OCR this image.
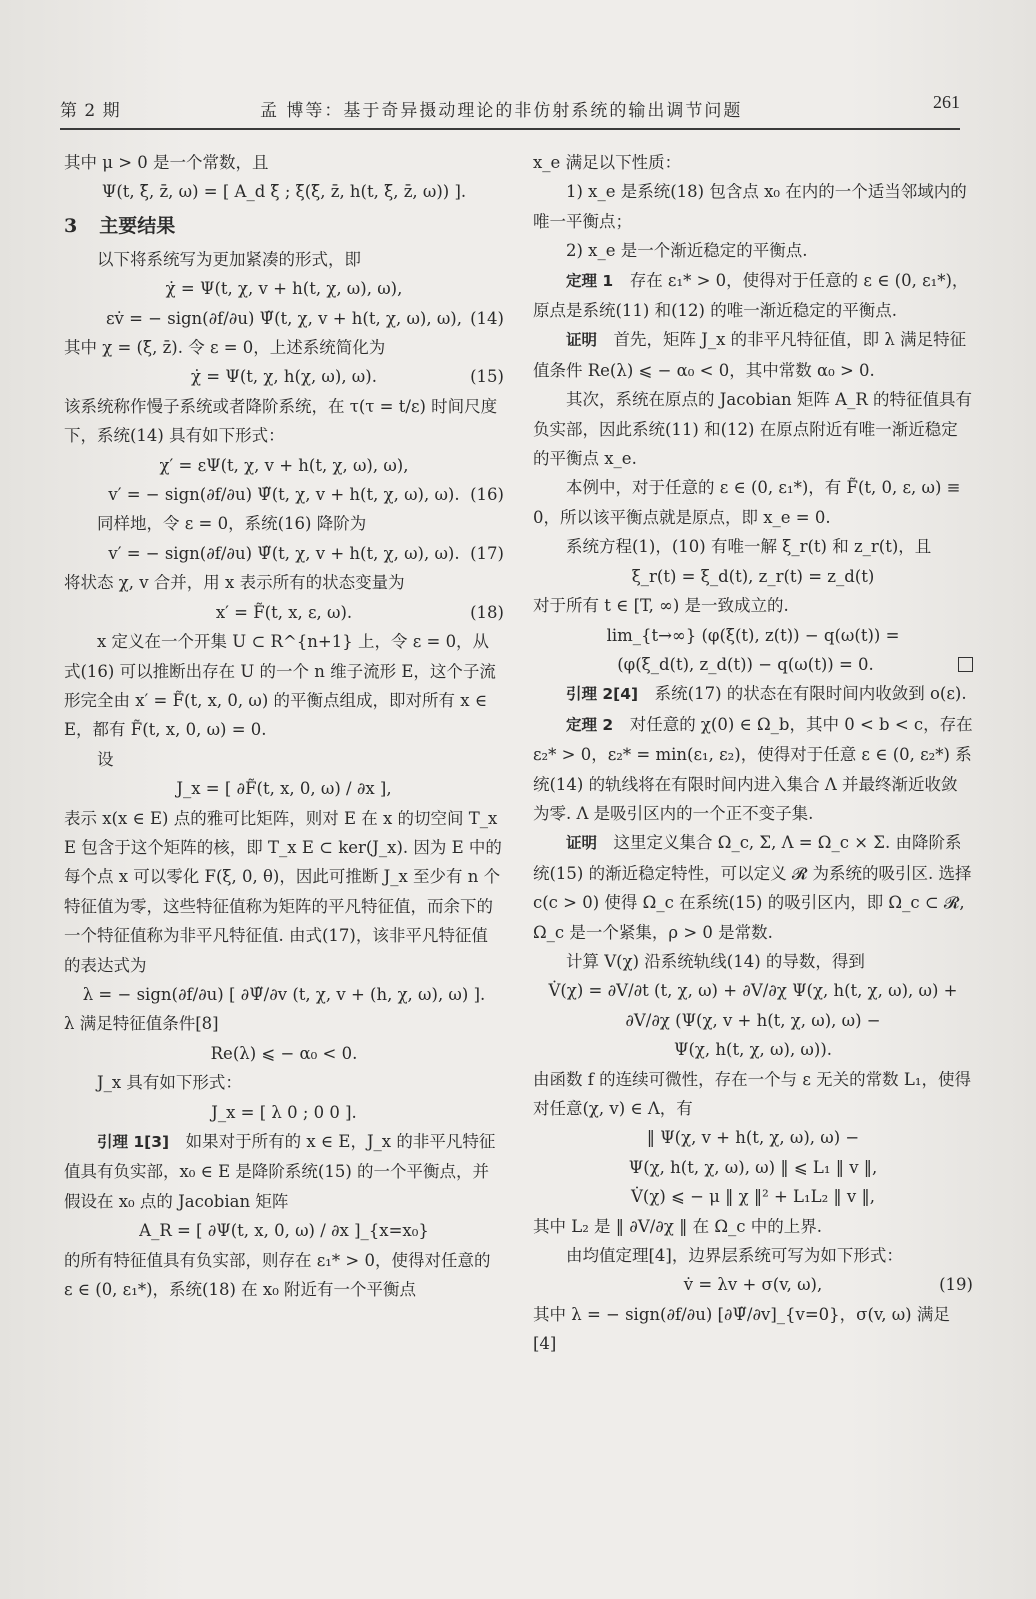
第 2 期	孟 博等：基于奇异摄动理论的非仿射系统的输出调节问题	261

其中 μ > 0 是一个常数，且

Ψ(t, ξ̄, z̄, ω) = [ A_d ξ̄ ; ξ̄(ξ̄, z̄, h(t, ξ̄, z̄, ω)) ].

3 主要结果

以下将系统写为更加紧凑的形式，即

χ̇ = Ψ(t, χ, v + h(t, χ, ω), ω),

εv̇ = − sign(∂f/∂u) Ψ̃(t, χ, v + h(t, χ, ω), ω), (14)

其中 χ = (ξ̄, z̄). 令 ε = 0，上述系统简化为

χ̇ = Ψ(t, χ, h(χ, ω), ω).	(15)

该系统称作慢子系统或者降阶系统，在 τ(τ = t/ε) 时间尺度下，系统(14) 具有如下形式：

χ′ = εΨ(t, χ, v + h(t, χ, ω), ω),

v′ = − sign(∂f/∂u) Ψ̃(t, χ, v + h(t, χ, ω), ω). (16)

同样地，令 ε = 0，系统(16) 降阶为

v′ = − sign(∂f/∂u) Ψ̃(t, χ, v + h(t, χ, ω), ω). (17)

将状态 χ, v 合并，用 x 表示所有的状态变量为

x′ = F̃(t, x, ε, ω).	(18)

x 定义在一个开集 U ⊂ R^{n+1} 上，令 ε = 0，从式(16) 可以推断出存在 U 的一个 n 维子流形 E，这个子流形完全由 x′ = F̃(t, x, 0, ω) 的平衡点组成，即对所有 x ∈ E，都有 F̃(t, x, 0, ω) = 0.

设

J_x = [ ∂F̃(t, x, 0, ω) / ∂x ],

表示 x(x ∈ E) 点的雅可比矩阵，则对 E 在 x 的切空间 T_x E 包含于这个矩阵的核，即 T_x E ⊂ ker(J_x). 因为 E 中的每个点 x 可以零化 F(ξ, 0, θ)，因此可推断 J_x 至少有 n 个特征值为零，这些特征值称为矩阵的平凡特征值，而余下的一个特征值称为非平凡特征值. 由式(17)，该非平凡特征值的表达式为

λ = − sign(∂f/∂u) [ ∂Ψ̃/∂v (t, χ, v + (h, χ, ω), ω) ].

λ 满足特征值条件[8]

Re(λ) ⩽ − α₀ < 0.

J_x 具有如下形式：

J_x = [ λ 0 ; 0 0 ].

引理 1[3] 如果对于所有的 x ∈ E，J_x 的非平凡特征值具有负实部，x₀ ∈ E 是降阶系统(15) 的一个平衡点，并假设在 x₀ 点的 Jacobian 矩阵

A_R = [ ∂Ψ(t, x, 0, ω) / ∂x ]_{x=x₀}

的所有特征值具有负实部，则存在 ε₁* > 0，使得对任意的 ε ∈ (0, ε₁*)，系统(18) 在 x₀ 附近有一个平衡点

x_e 满足以下性质：

1) x_e 是系统(18) 包含点 x₀ 在内的一个适当邻域内的唯一平衡点；

2) x_e 是一个渐近稳定的平衡点.

定理 1 存在 ε₁* > 0，使得对于任意的 ε ∈ (0, ε₁*)，原点是系统(11) 和(12) 的唯一渐近稳定的平衡点.

证明 首先，矩阵 J_x 的非平凡特征值，即 λ 满足特征值条件 Re(λ) ⩽ − α₀ < 0，其中常数 α₀ > 0.

其次，系统在原点的 Jacobian 矩阵 A_R 的特征值具有负实部，因此系统(11) 和(12) 在原点附近有唯一渐近稳定的平衡点 x_e.

本例中，对于任意的 ε ∈ (0, ε₁*)，有 F̃(t, 0, ε, ω) ≡ 0，所以该平衡点就是原点，即 x_e = 0.

系统方程(1)，(10) 有唯一解 ξ_r(t) 和 z_r(t)，且

ξ_r(t) = ξ_d(t), z_r(t) = z_d(t)

对于所有 t ∈ [T, ∞) 是一致成立的.

lim_{t→∞} (φ(ξ(t), z(t)) − q(ω(t)) =

(φ(ξ_d(t), z_d(t)) − q(ω(t)) = 0.

引理 2[4] 系统(17) 的状态在有限时间内收敛到 o(ε).

定理 2 对任意的 χ(0) ∈ Ω_b，其中 0 < b < c，存在 ε₂* > 0，ε₂* = min(ε₁, ε₂)，使得对于任意 ε ∈ (0, ε₂*) 系统(14) 的轨线将在有限时间内进入集合 Λ 并最终渐近收敛为零. Λ 是吸引区内的一个正不变子集.

证明 这里定义集合 Ω_c, Σ, Λ = Ω_c × Σ. 由降阶系统(15) 的渐近稳定特性，可以定义 𝓡 为系统的吸引区. 选择 c(c > 0) 使得 Ω_c 在系统(15) 的吸引区内，即 Ω_c ⊂ 𝓡, Ω_c 是一个紧集，ρ > 0 是常数.

计算 V(χ) 沿系统轨线(14) 的导数，得到

V̇(χ) = ∂V/∂t (t, χ, ω) + ∂V/∂χ Ψ(χ, h(t, χ, ω), ω) +

∂V/∂χ (Ψ(χ, v + h(t, χ, ω), ω) −

Ψ(χ, h(t, χ, ω), ω)).

由函数 f 的连续可微性，存在一个与 ε 无关的常数 L₁，使得对任意(χ, v) ∈ Λ，有

‖ Ψ(χ, v + h(t, χ, ω), ω) −

Ψ(χ, h(t, χ, ω), ω) ‖ ⩽ L₁ ‖ v ‖,

V̇(χ) ⩽ − μ ‖ χ ‖² + L₁L₂ ‖ v ‖,

其中 L₂ 是 ‖ ∂V/∂χ ‖ 在 Ω_c 中的上界.

由均值定理[4]，边界层系统可写为如下形式：

v̇ = λv + σ(v, ω),	(19)

其中 λ = − sign(∂f/∂u) [∂Ψ̃/∂v]_{v=0}，σ(v, ω) 满足[4]
